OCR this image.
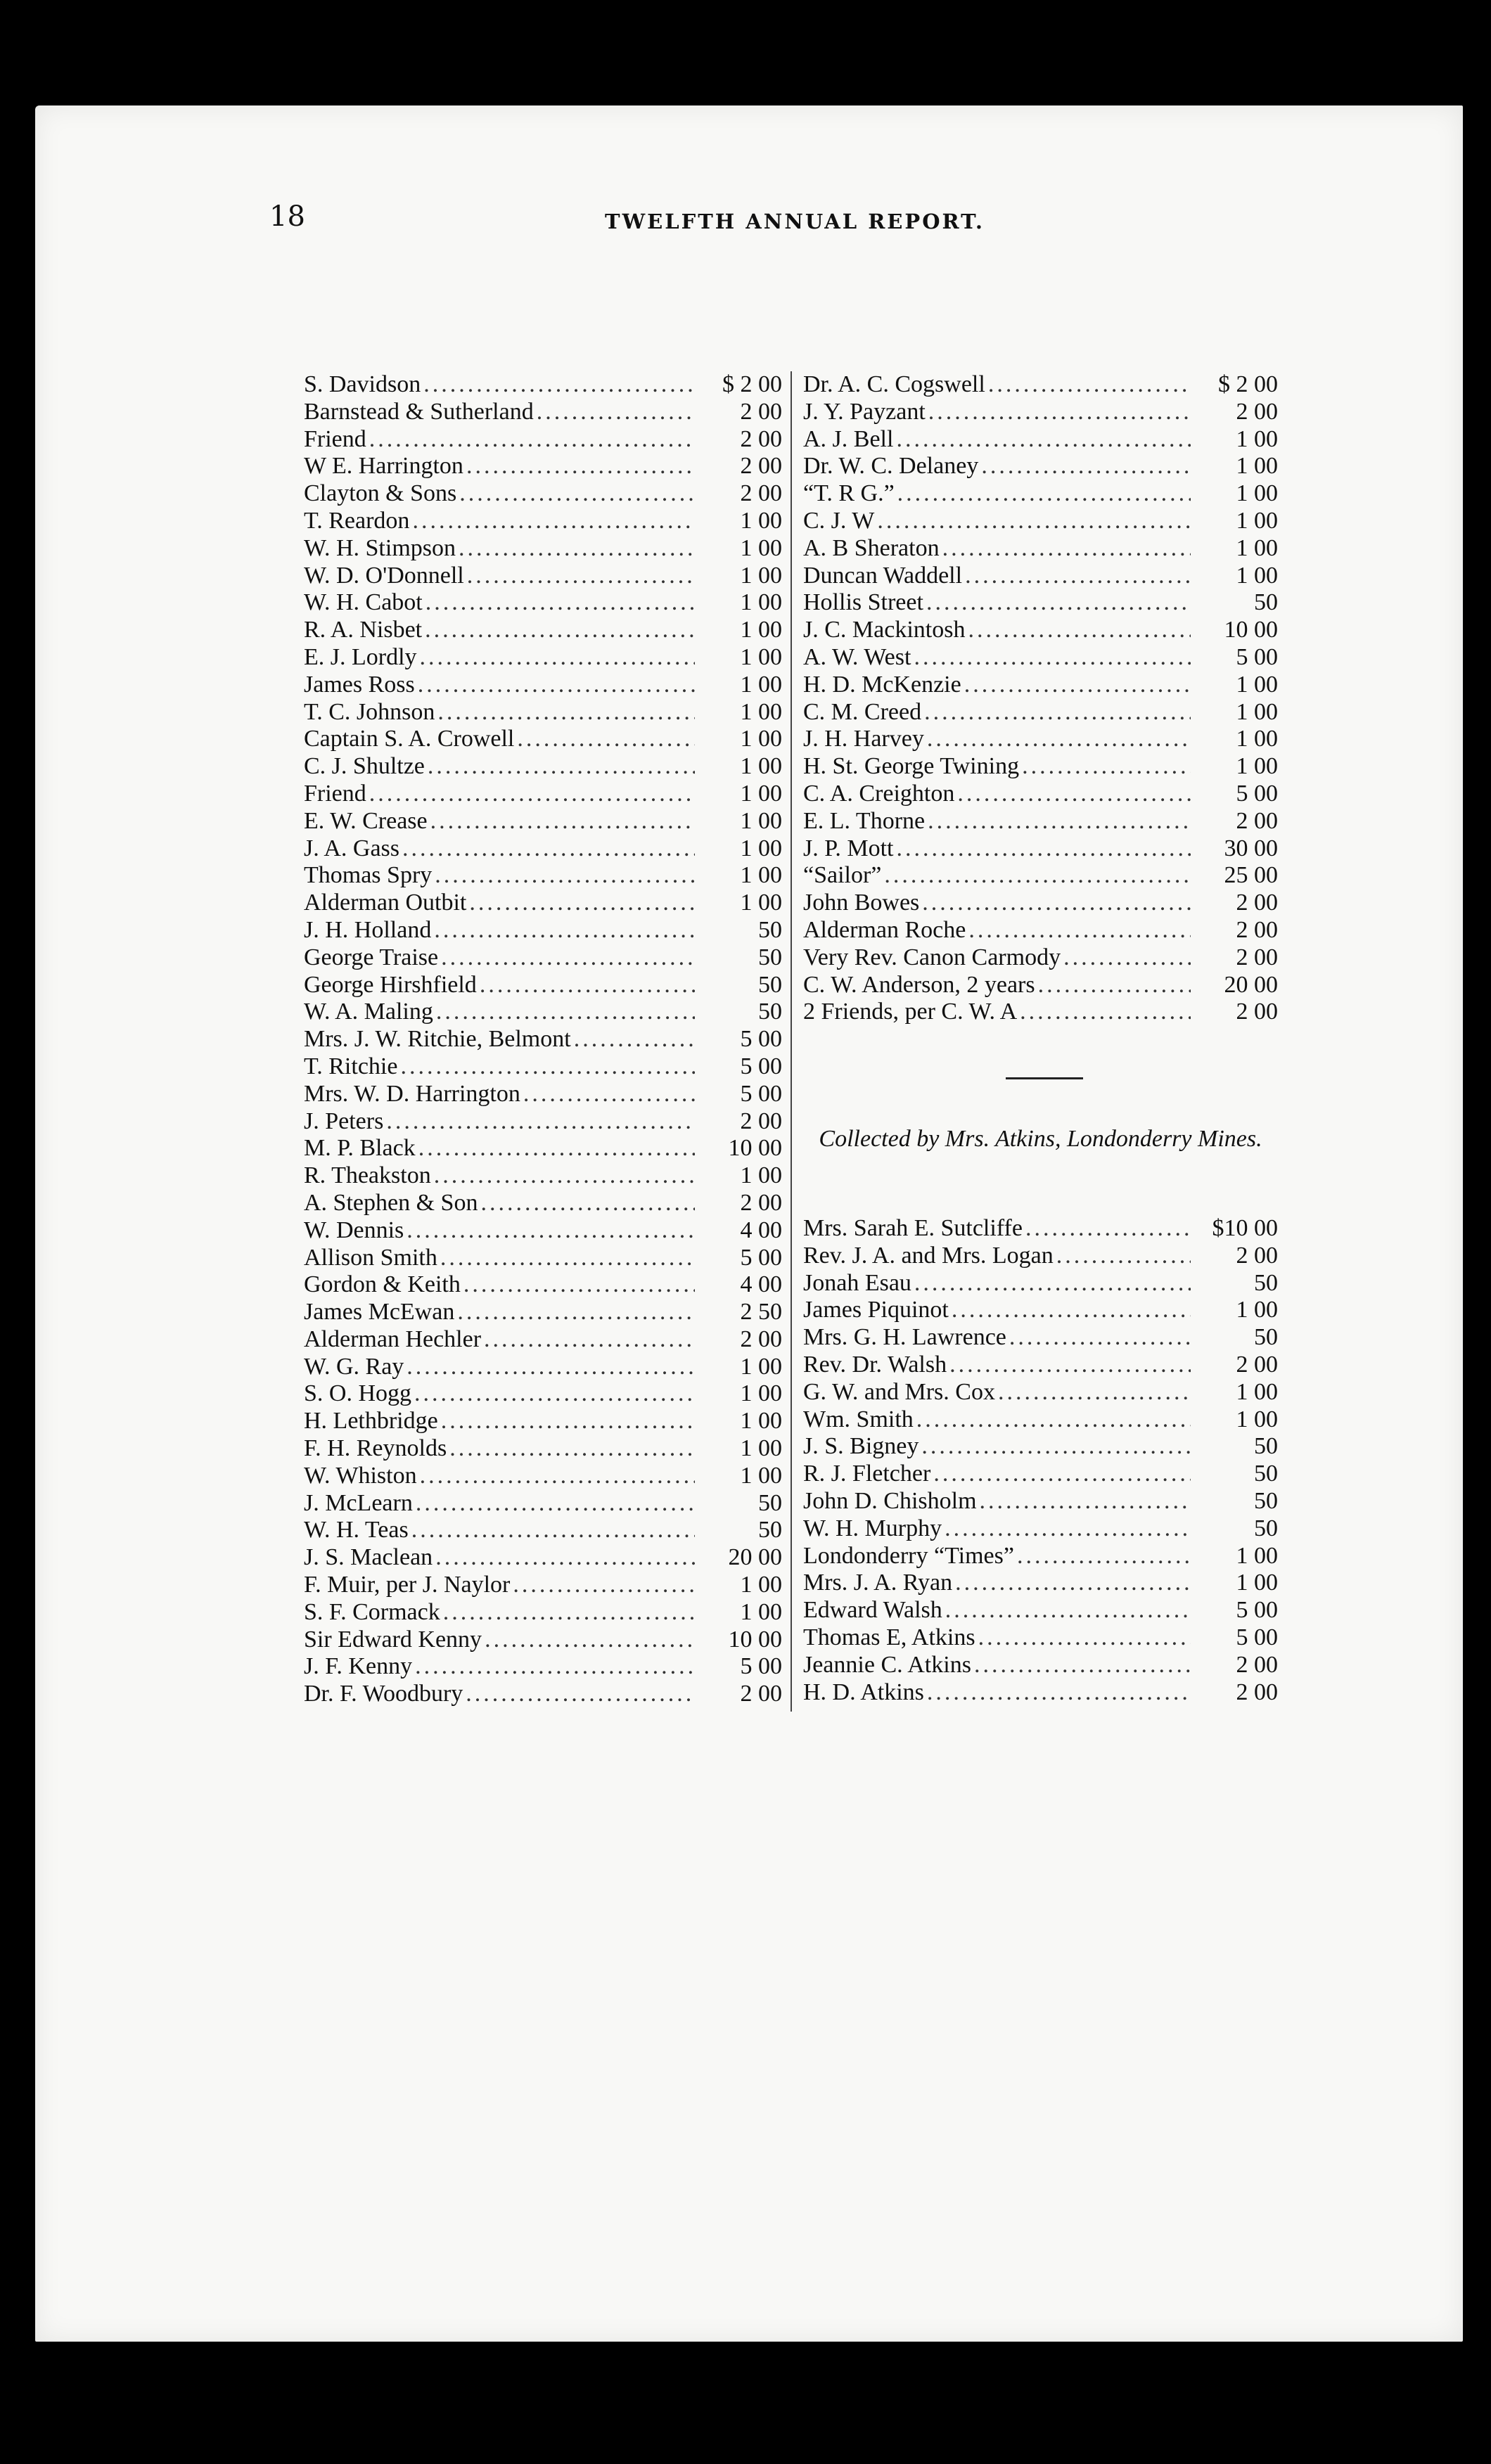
18	TWELFTH ANNUAL REPORT.
S. Davidson .....	$ 2 00
Barnstead & Sutherland .....	2 00
Friend .....	2 00
W E. Harrington .....	2 00
Clayton & Sons .....	2 00
T. Reardon .....	1 00
W. H. Stimpson .....	1 00
W. D. O'Donnell .....	1 00
W. H. Cabot .....	1 00
R. A. Nisbet .....	1 00
E. J. Lordly .....	1 00
James Ross .....	1 00
T. C. Johnson .....	1 00
Captain S. A. Crowell .....	1 00
C. J. Shultze .....	1 00
Friend .....	1 00
E. W. Crease .....	1 00
J. A. Gass .....	1 00
Thomas Spry .....	1 00
Alderman Outbit .....	1 00
J. H. Holland .....	50
George Traise .....	50
George Hirshfield .....	50
W. A. Maling .....	50
Mrs. J. W. Ritchie, Belmont .....	5 00
T. Ritchie .....	5 00
Mrs. W. D. Harrington .....	5 00
J. Peters .....	2 00
M. P. Black .....	10 00
R. Theakston .....	1 00
A. Stephen & Son .....	2 00
W. Dennis .....	4 00
Allison Smith .....	5 00
Gordon & Keith .....	4 00
James McEwan .....	2 50
Alderman Hechler .....	2 00
W. G. Ray .....	1 00
S. O. Hogg .....	1 00
H. Lethbridge .....	1 00
F. H. Reynolds .....	1 00
W. Whiston .....	1 00
J. McLearn .....	50
W. H. Teas .....	50
J. S. Maclean .....	20 00
F. Muir, per J. Naylor .....	1 00
S. F. Cormack .....	1 00
Sir Edward Kenny .....	10 00
J. F. Kenny .....	5 00
Dr. F. Woodbury .....	2 00
Dr. A. C. Cogswell .....	$ 2 00
J. Y. Payzant .....	2 00
A. J. Bell .....	1 00
Dr. W. C. Delaney .....	1 00
“T. R G.” .....	1 00
C. J. W .....	1 00
A. B Sheraton .....	1 00
Duncan Waddell .....	1 00
Hollis Street .....	50
J. C. Mackintosh .....	10 00
A. W. West .....	5 00
H. D. McKenzie .....	1 00
C. M. Creed .....	1 00
J. H. Harvey .....	1 00
H. St. George Twining .....	1 00
C. A. Creighton .....	5 00
E. L. Thorne .....	2 00
J. P. Mott .....	30 00
“Sailor” .....	25 00
John Bowes .....	2 00
Alderman Roche .....	2 00
Very Rev. Canon Carmody .....	2 00
C. W. Anderson, 2 years .....	20 00
2 Friends, per C. W. A .....	2 00
Collected by Mrs. Atkins, Londonderry Mines.
Mrs. Sarah E. Sutcliffe .....	$10 00
Rev. J. A. and Mrs. Logan .....	2 00
Jonah Esau .....	50
James Piquinot .....	1 00
Mrs. G. H. Lawrence .....	50
Rev. Dr. Walsh .....	2 00
G. W. and Mrs. Cox .....	1 00
Wm. Smith .....	1 00
J. S. Bigney .....	50
R. J. Fletcher .....	50
John D. Chisholm .....	50
W. H. Murphy .....	50
Londonderry “Times” .....	1 00
Mrs. J. A. Ryan .....	1 00
Edward Walsh .....	5 00
Thomas E, Atkins .....	5 00
Jeannie C. Atkins .....	2 00
H. D. Atkins .....	2 00
